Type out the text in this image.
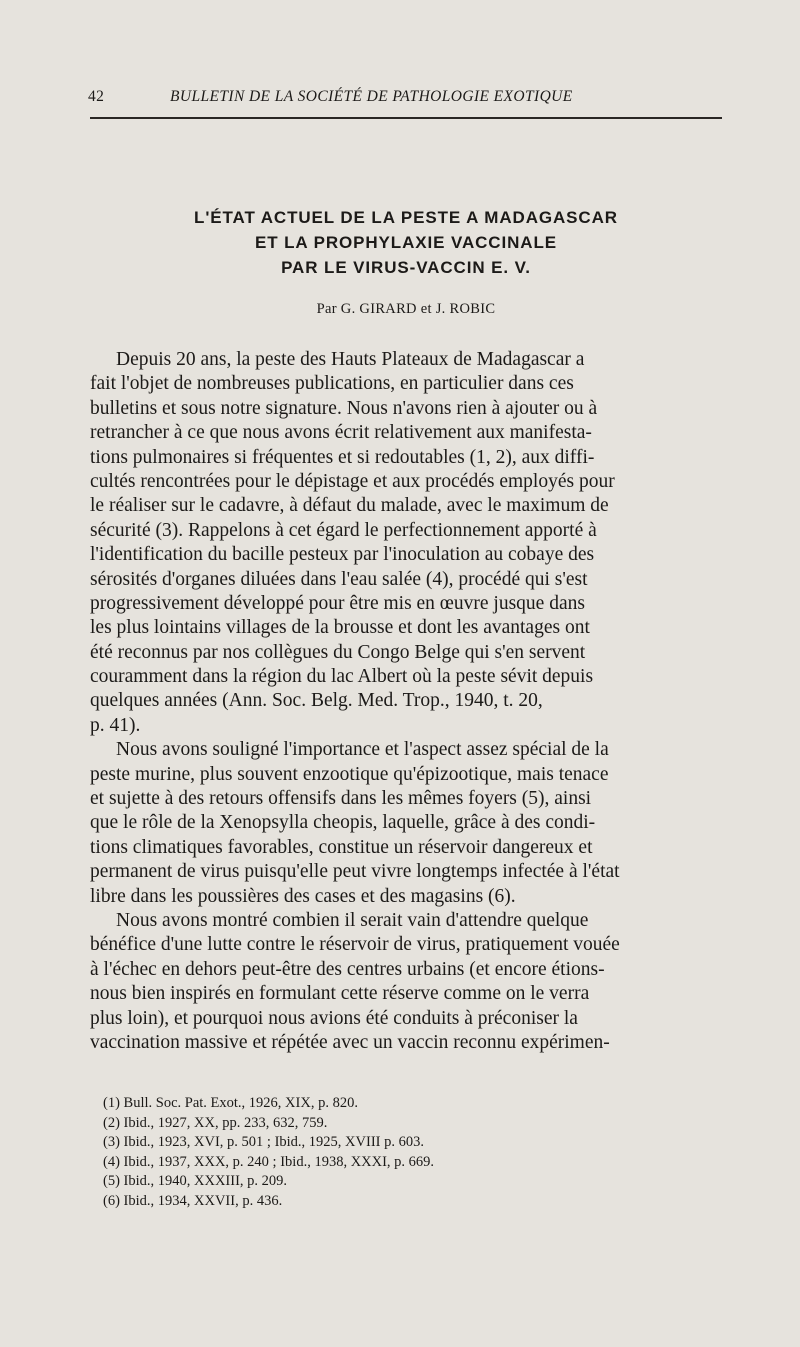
42	BULLETIN DE LA SOCIÉTÉ DE PATHOLOGIE EXOTIQUE
L'ÉTAT ACTUEL DE LA PESTE A MADAGASCAR
ET LA PROPHYLAXIE VACCINALE
PAR LE VIRUS-VACCIN E. V.
Par G. GIRARD et J. ROBIC
Depuis 20 ans, la peste des Hauts Plateaux de Madagascar a
fait l'objet de nombreuses publications, en particulier dans ces
bulletins et sous notre signature. Nous n'avons rien à ajouter ou à
retrancher à ce que nous avons écrit relativement aux manifesta-
tions pulmonaires si fréquentes et si redoutables (1, 2), aux diffi-
cultés rencontrées pour le dépistage et aux procédés employés pour
le réaliser sur le cadavre, à défaut du malade, avec le maximum de
sécurité (3). Rappelons à cet égard le perfectionnement apporté à
l'identification du bacille pesteux par l'inoculation au cobaye des
sérosités d'organes diluées dans l'eau salée (4), procédé qui s'est
progressivement développé pour être mis en œuvre jusque dans
les plus lointains villages de la brousse et dont les avantages ont
été reconnus par nos collègues du Congo Belge qui s'en servent
couramment dans la région du lac Albert où la peste sévit depuis
quelques années (Ann. Soc. Belg. Med. Trop., 1940, t. 20,
p. 41).
Nous avons souligné l'importance et l'aspect assez spécial de la
peste murine, plus souvent enzootique qu'épizootique, mais tenace
et sujette à des retours offensifs dans les mêmes foyers (5), ainsi
que le rôle de la Xenopsylla cheopis, laquelle, grâce à des condi-
tions climatiques favorables, constitue un réservoir dangereux et
permanent de virus puisqu'elle peut vivre longtemps infectée à l'état
libre dans les poussières des cases et des magasins (6).
Nous avons montré combien il serait vain d'attendre quelque
bénéfice d'une lutte contre le réservoir de virus, pratiquement vouée
à l'échec en dehors peut-être des centres urbains (et encore étions-
nous bien inspirés en formulant cette réserve comme on le verra
plus loin), et pourquoi nous avions été conduits à préconiser la
vaccination massive et répétée avec un vaccin reconnu expérimen-
(1) Bull. Soc. Pat. Exot., 1926, XIX, p. 820.
(2) Ibid., 1927, XX, pp. 233, 632, 759.
(3) Ibid., 1923, XVI, p. 501 ; Ibid., 1925, XVIII p. 603.
(4) Ibid., 1937, XXX, p. 240 ; Ibid., 1938, XXXI, p. 669.
(5) Ibid., 1940, XXXIII, p. 209.
(6) Ibid., 1934, XXVII, p. 436.
